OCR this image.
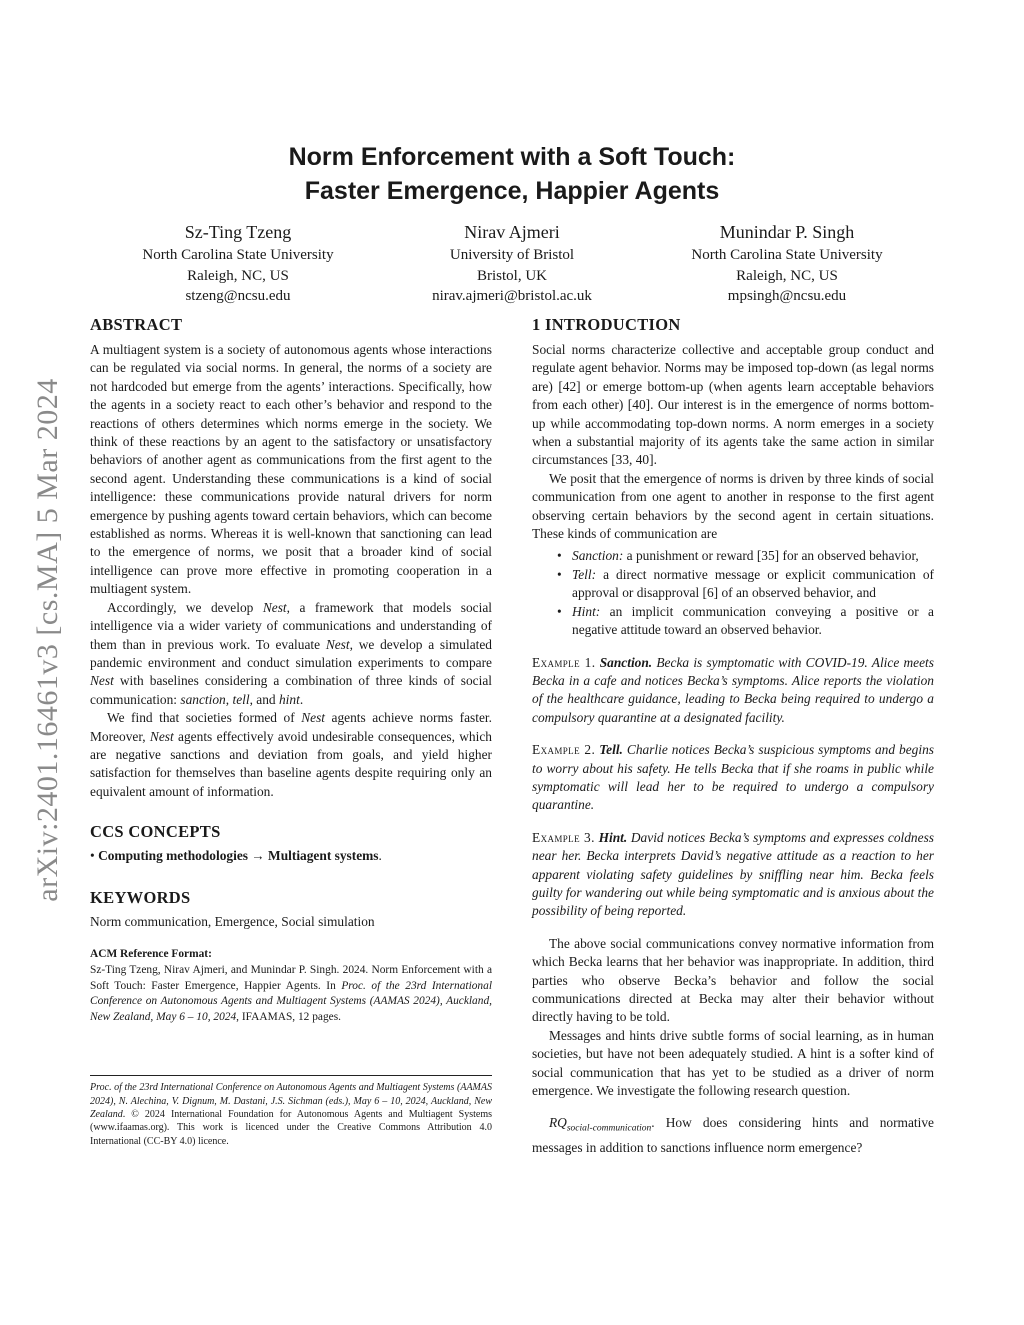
arXiv:2401.16461v3 [cs.MA] 5 Mar 2024
Norm Enforcement with a Soft Touch:
Faster Emergence, Happier Agents
Sz-Ting Tzeng
North Carolina State University
Raleigh, NC, US
stzeng@ncsu.edu
Nirav Ajmeri
University of Bristol
Bristol, UK
nirav.ajmeri@bristol.ac.uk
Munindar P. Singh
North Carolina State University
Raleigh, NC, US
mpsingh@ncsu.edu
ABSTRACT

A multiagent system is a society of autonomous agents whose interactions can be regulated via social norms. In general, the norms of a society are not hardcoded but emerge from the agents’ interactions. Specifically, how the agents in a society react to each other’s behavior and respond to the reactions of others determines which norms emerge in the society. We think of these reactions by an agent to the satisfactory or unsatisfactory behaviors of another agent as communications from the first agent to the second agent. Understanding these communications is a kind of social intelligence: these communications provide natural drivers for norm emergence by pushing agents toward certain behaviors, which can become established as norms. Whereas it is well-known that sanctioning can lead to the emergence of norms, we posit that a broader kind of social intelligence can prove more effective in promoting cooperation in a multiagent system.

Accordingly, we develop Nest, a framework that models social intelligence via a wider variety of communications and understanding of them than in previous work. To evaluate Nest, we develop a simulated pandemic environment and conduct simulation experiments to compare Nest with baselines considering a combination of three kinds of social communication: sanction, tell, and hint.

We find that societies formed of Nest agents achieve norms faster. Moreover, Nest agents effectively avoid undesirable consequences, which are negative sanctions and deviation from goals, and yield higher satisfaction for themselves than baseline agents despite requiring only an equivalent amount of information.

CCS CONCEPTS

• Computing methodologies → Multiagent systems.

KEYWORDS

Norm communication, Emergence, Social simulation

ACM Reference Format:
Sz-Ting Tzeng, Nirav Ajmeri, and Munindar P. Singh. 2024. Norm Enforcement with a Soft Touch: Faster Emergence, Happier Agents. In Proc. of the 23rd International Conference on Autonomous Agents and Multiagent Systems (AAMAS 2024), Auckland, New Zealand, May 6 – 10, 2024, IFAAMAS, 12 pages.
Proc. of the 23rd International Conference on Autonomous Agents and Multiagent Systems (AAMAS 2024), N. Alechina, V. Dignum, M. Dastani, J.S. Sichman (eds.), May 6 – 10, 2024, Auckland, New Zealand. © 2024 International Foundation for Autonomous Agents and Multiagent Systems (www.ifaamas.org). This work is licenced under the Creative Commons Attribution 4.0 International (CC-BY 4.0) licence.
1 INTRODUCTION

Social norms characterize collective and acceptable group conduct and regulate agent behavior. Norms may be imposed top-down (as legal norms are) [42] or emerge bottom-up (when agents learn acceptable behaviors from each other) [40]. Our interest is in the emergence of norms bottom-up while accommodating top-down norms. A norm emerges in a society when a substantial majority of its agents take the same action in similar circumstances [33, 40].

We posit that the emergence of norms is driven by three kinds of social communication from one agent to another in response to the first agent observing certain behaviors by the second agent in certain situations. These kinds of communication are

• Sanction: a punishment or reward [35] for an observed behavior,
• Tell: a direct normative message or explicit communication of approval or disapproval [6] of an observed behavior, and
• Hint: an implicit communication conveying a positive or a negative attitude toward an observed behavior.

Example 1. Sanction. Becka is symptomatic with COVID-19. Alice meets Becka in a cafe and notices Becka’s symptoms. Alice reports the violation of the healthcare guidance, leading to Becka being required to undergo a compulsory quarantine at a designated facility.

Example 2. Tell. Charlie notices Becka’s suspicious symptoms and begins to worry about his safety. He tells Becka that if she roams in public while symptomatic will lead her to be required to undergo a compulsory quarantine.

Example 3. Hint. David notices Becka’s symptoms and expresses coldness near her. Becka interprets David’s negative attitude as a reaction to her apparent violating safety guidelines by sniffling near him. Becka feels guilty for wandering out while being symptomatic and is anxious about the possibility of being reported.

The above social communications convey normative information from which Becka learns that her behavior was inappropriate. In addition, third parties who observe Becka’s behavior and follow the social communications directed at Becka may alter their behavior without directly having to be told.

Messages and hints drive subtle forms of social learning, as in human societies, but have not been adequately studied. A hint is a softer kind of social communication that has yet to be studied as a driver of norm emergence. We investigate the following research question.

$RQ_{social-communication}$. How does considering hints and normative messages in addition to sanctions influence norm emergence?
